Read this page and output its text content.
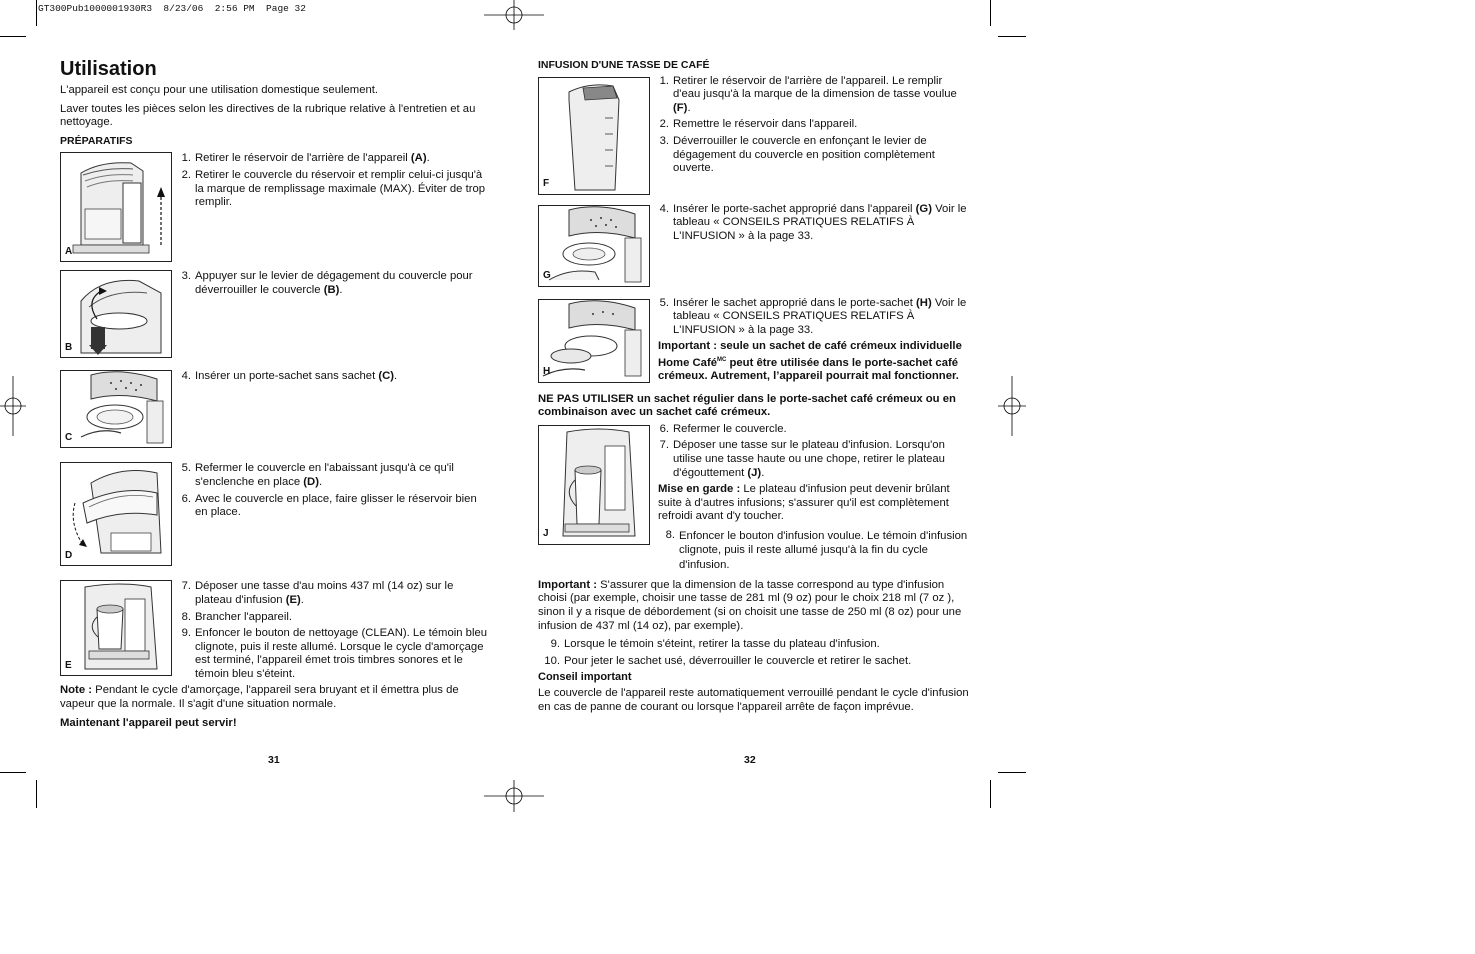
GT300Pub1000001930R3  8/23/06  2:56 PM  Page 32
Utilisation

L'appareil est conçu pour une utilisation domestique seulement.

Laver toutes les pièces selon les directives de la rubrique relative à l'entretien et au nettoyage.

PRÉPARATIFS

A
1. Retirer le réservoir de l'arrière de l'appareil (A).
2. Retirer le couvercle du réservoir et remplir celui-ci jusqu'à la marque de remplissage maximale (MAX). Éviter de trop remplir.
B
3. Appuyer sur le levier de dégagement du couvercle pour déverrouiller le couvercle (B).
C
4. Insérer un porte-sachet sans sachet (C).
D
5. Refermer le couvercle en l'abaissant jusqu'à ce qu'il s'enclenche en place (D).
6. Avec le couvercle en place, faire glisser le réservoir bien en place.
E
7. Déposer une tasse d'au moins 437 ml (14 oz) sur le plateau d'infusion (E).
8. Brancher l'appareil.
9. Enfoncer le bouton de nettoyage (CLEAN). Le témoin bleu clignote, puis il reste allumé. Lorsque le cycle d'amorçage est terminé, l'appareil émet trois timbres sonores et le témoin bleu s'éteint.

Note : Pendant le cycle d'amorçage, l'appareil sera bruyant et il émettra plus de vapeur que la normale. Il s'agit d'une situation normale.

Maintenant l'appareil peut servir!

31

INFUSION D'UNE TASSE DE CAFÉ

F
1. Retirer le réservoir de l'arrière de l'appareil. Le remplir d'eau jusqu'à la marque de la dimension de tasse voulue (F).
2. Remettre le réservoir dans l'appareil.
3. Déverrouiller le couvercle en enfonçant le levier de dégagement du couvercle en position complètement ouverte.
G
4. Insérer le porte-sachet approprié dans l'appareil (G) Voir le tableau « CONSEILS PRATIQUES RELATIFS À L'INFUSION » à la page 33.
H
5. Insérer le sachet approprié dans le porte-sachet (H) Voir le tableau « CONSEILS PRATIQUES RELATIFS À L'INFUSION » à la page 33.

Important : seule un sachet de café crémeux individuelle Home Café$^{MC}$ peut être utilisée dans le porte-sachet café crémeux. Autrement, l’appareil pourrait mal fonctionner.

NE PAS UTILISER un sachet régulier dans le porte-sachet café crémeux ou en combinaison avec un sachet café crémeux.

J
6. Refermer le couvercle.
7. Déposer une tasse sur le plateau d'infusion. Lorsqu'on utilise une tasse haute ou une chope, retirer le plateau d'égouttement (J).

Mise en garde : Le plateau d'infusion peut devenir brûlant suite à d'autres infusions; s'assurer qu'il est complètement refroidi avant d'y toucher.

8. Enfoncer le bouton d'infusion voulue. Le témoin d'infusion clignote, puis il reste allumé jusqu'à la fin du cycle d'infusion.

Important : S'assurer que la dimension de la tasse correspond au type d'infusion choisi (par exemple, choisir une tasse de 281 ml (9 oz) pour le choix 218 ml (7 oz ), sinon il y a risque de débordement (si on choisit une tasse de 250 ml (8 oz) pour une infusion de 437 ml (14 oz), par exemple).

9. Lorsque le témoin s'éteint, retirer la tasse du plateau d'infusion.
10. Pour jeter le sachet usé, déverrouiller le couvercle et retirer le sachet.

Conseil important

Le couvercle de l'appareil reste automatiquement verrouillé pendant le cycle d'infusion en cas de panne de courant ou lorsque l'appareil arrête de façon imprévue.

32
